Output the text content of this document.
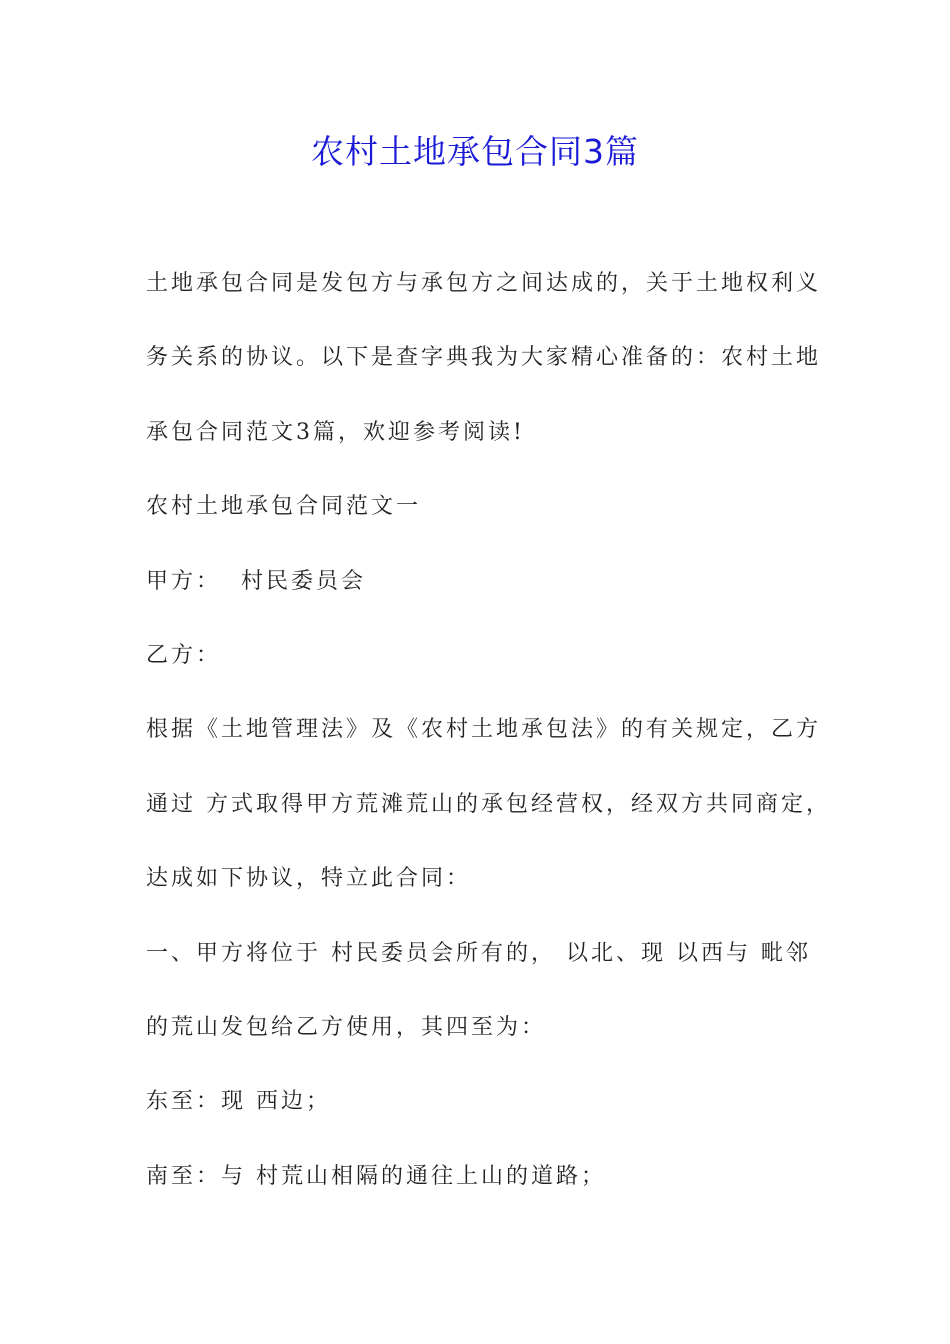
农村土地承包合同3篇

土地承包合同是发包方与承包方之间达成的，关于土地权利义

务关系的协议。以下是查字典我为大家精心准备的：农村土地

承包合同范文3篇，欢迎参考阅读!

农村土地承包合同范文一

甲方：  村民委员会

乙方：

根据《土地管理法》及《农村土地承包法》的有关规定，乙方

通过 方式取得甲方荒滩荒山的承包经营权，经双方共同商定，

达成如下协议，特立此合同：

一、甲方将位于 村民委员会所有的， 以北、现 以西与 毗邻

的荒山发包给乙方使用，其四至为：

东至：现 西边；

南至：与 村荒山相隔的通往上山的道路；
